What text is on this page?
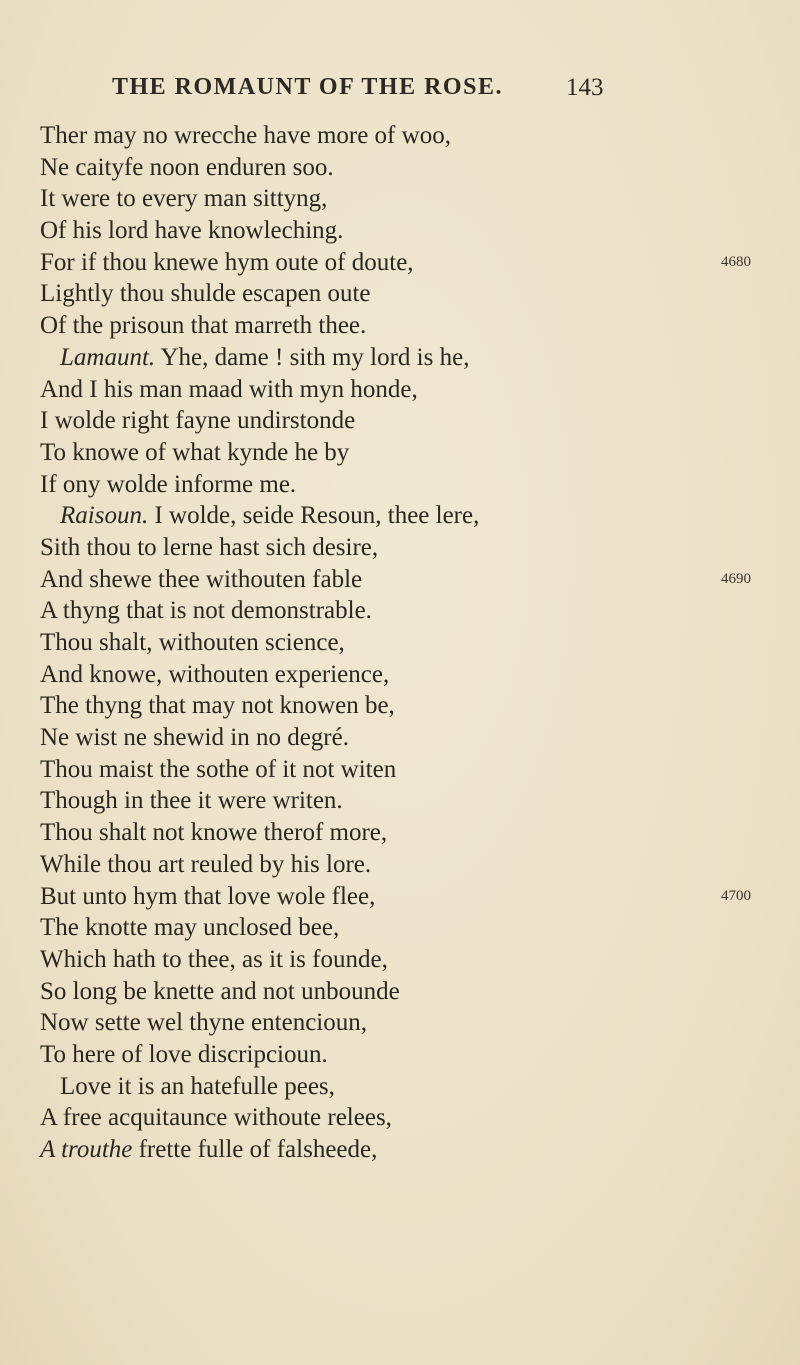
THE ROMAUNT OF THE ROSE.	143
Ther may no wrecche have more of woo,
Ne caityfe noon enduren soo.
It were to every man sittyng,
Of his lord have knowleching.
For if thou knewe hym oute of doute,	4680
Lightly thou shulde escapen oute
Of the prisoun that marreth thee.
Lamaunt. Yhe, dame ! sith my lord is he,
And I his man maad with myn honde,
I wolde right fayne undirstonde
To knowe of what kynde he by
If ony wolde informe me.
Raisoun. I wolde, seide Resoun, thee lere,
Sith thou to lerne hast sich desire,
And shewe thee withouten fable	4690
A thyng that is not demonstrable.
Thou shalt, withouten science,
And knowe, withouten experience,
The thyng that may not knowen be,
Ne wist ne shewid in no degré.
Thou maist the sothe of it not witen
Though in thee it were writen.
Thou shalt not knowe therof more,
While thou art reuled by his lore.
But unto hym that love wole flee,	4700
The knotte may unclosed bee,
Which hath to thee, as it is founde,
So long be knette and not unbounde
Now sette wel thyne entencioun,
To here of love discripcioun.
Love it is an hatefulle pees,
A free acquitaunce withoute relees,
A trouthe frette fulle of falsheede,
